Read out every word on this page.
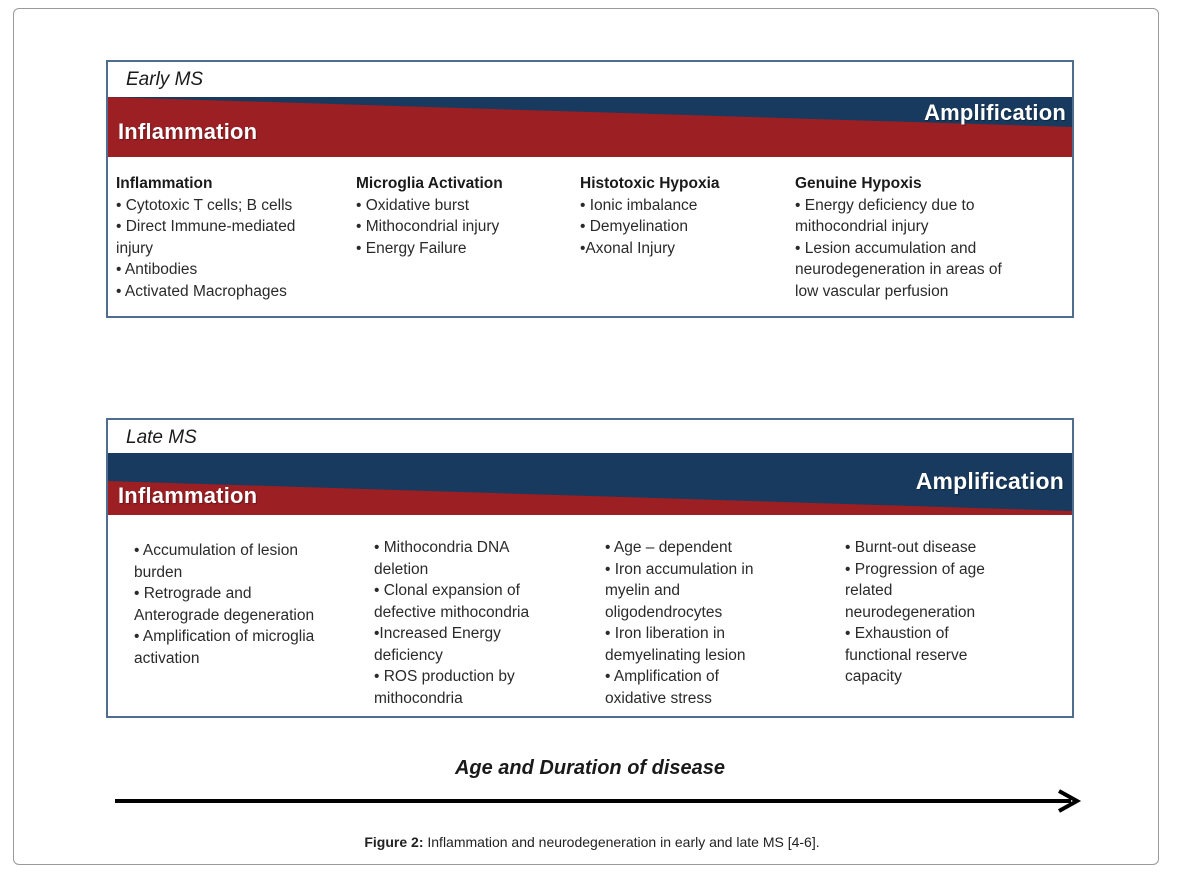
Early MS
Inflammation
Amplification
Inflammation
• Cytotoxic T cells; B cells
• Direct Immune-mediated
injury
• Antibodies
• Activated Macrophages
Microglia Activation
• Oxidative burst
• Mithocondrial injury
• Energy Failure
Histotoxic Hypoxia
• Ionic imbalance
• Demyelination
•Axonal Injury
Genuine Hypoxis
• Energy deficiency due to
mithocondrial injury
• Lesion accumulation and
neurodegeneration in areas of
low vascular perfusion
Late MS
Inflammation
Amplification
• Accumulation of lesion
burden
• Retrograde and
Anterograde degeneration
• Amplification of microglia
activation
• Mithocondria DNA
deletion
• Clonal expansion of
defective mithocondria
•Increased Energy
deficiency
• ROS production by
mithocondria
• Age – dependent
• Iron accumulation in
myelin and
oligodendrocytes
• Iron liberation in
demyelinating lesion
• Amplification of
oxidative stress
• Burnt-out disease
• Progression of age
related
neurodegeneration
• Exhaustion of
functional reserve
capacity
Age and Duration of disease
Figure 2: Inflammation and neurodegeneration in early and late MS [4-6].
